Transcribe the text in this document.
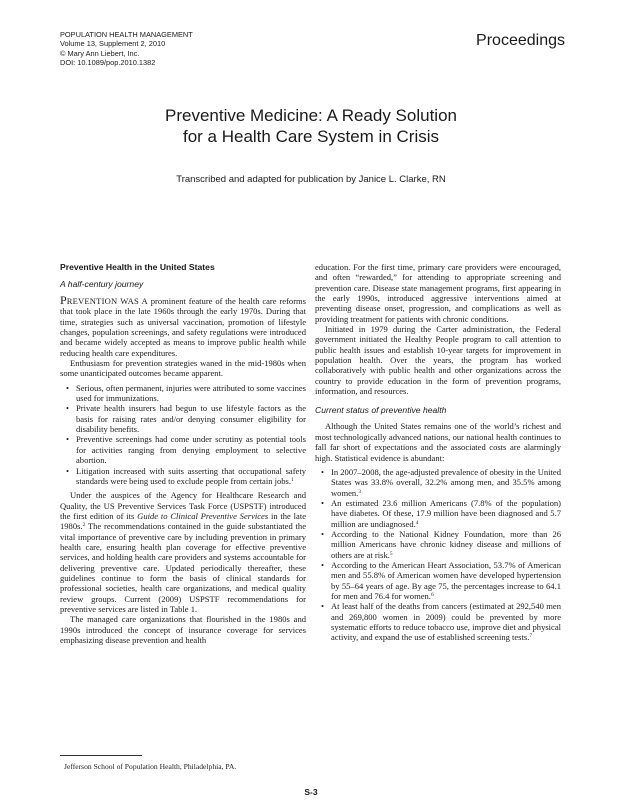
POPULATION HEALTH MANAGEMENT
Volume 13, Supplement 2, 2010
© Mary Ann Liebert, Inc.
DOI: 10.1089/pop.2010.1382
Proceedings
Preventive Medicine: A Ready Solution
for a Health Care System in Crisis
Transcribed and adapted for publication by Janice L. Clarke, RN
Preventive Health in the United States
A half-century journey

PREVENTION WAS A prominent feature of the health care reforms that took place in the late 1960s through the early 1970s. During that time, strategies such as universal vaccination, promotion of lifestyle changes, population screenings, and safety regulations were introduced and became widely accepted as means to improve public health while reducing health care expenditures.

Enthusiasm for prevention strategies waned in the mid-1980s when some unanticipated outcomes became apparent.

• Serious, often permanent, injuries were attributed to some vaccines used for immunizations.
• Private health insurers had begun to use lifestyle factors as the basis for raising rates and/or denying consumer eligibility for disability benefits.
• Preventive screenings had come under scrutiny as potential tools for activities ranging from denying employment to selective abortion.
• Litigation increased with suits asserting that occupational safety standards were being used to exclude people from certain jobs.$^1$

Under the auspices of the Agency for Healthcare Research and Quality, the US Preventive Services Task Force (USPSTF) introduced the first edition of its Guide to Clinical Preventive Services in the late 1980s.$^2$ The recommendations contained in the guide substantiated the vital importance of preventive care by including prevention in primary health care, ensuring health plan coverage for effective preventive services, and holding health care providers and systems accountable for delivering preventive care. Updated periodically thereafter, these guidelines continue to form the basis of clinical standards for professional societies, health care organizations, and medical quality review groups. Current (2009) USPSTF recommendations for preventive services are listed in Table 1.

The managed care organizations that flourished in the 1980s and 1990s introduced the concept of insurance coverage for services emphasizing disease prevention and health

education. For the first time, primary care providers were encouraged, and often “rewarded,” for attending to appropriate screening and prevention care. Disease state management programs, first appearing in the early 1990s, introduced aggressive interventions aimed at preventing disease onset, progression, and complications as well as providing treatment for patients with chronic conditions.

Initiated in 1979 during the Carter administration, the Federal government initiated the Healthy People program to call attention to public health issues and establish 10-year targets for improvement in population health. Over the years, the program has worked collaboratively with public health and other organizations across the country to provide education in the form of prevention programs, information, and resources.

Current status of preventive health

Although the United States remains one of the world’s richest and most technologically advanced nations, our national health continues to fall far short of expectations and the associated costs are alarmingly high. Statistical evidence is abundant:

• In 2007–2008, the age-adjusted prevalence of obesity in the United States was 33.8% overall, 32.2% among men, and 35.5% among women.$^3$
• An estimated 23.6 million Americans (7.8% of the population) have diabetes. Of these, 17.9 million have been diagnosed and 5.7 million are undiagnosed.$^4$
• According to the National Kidney Foundation, more than 26 million Americans have chronic kidney disease and millions of others are at risk.$^5$
• According to the American Heart Association, 53.7% of American men and 55.8% of American women have developed hypertension by 55–64 years of age. By age 75, the percentages increase to 64.1 for men and 76.4 for women.$^6$
• At least half of the deaths from cancers (estimated at 292,540 men and 269,800 women in 2009) could be prevented by more systematic efforts to reduce tobacco use, improve diet and physical activity, and expand the use of established screening tests.$^7$
Jefferson School of Population Health, Philadelphia, PA.
S-3
